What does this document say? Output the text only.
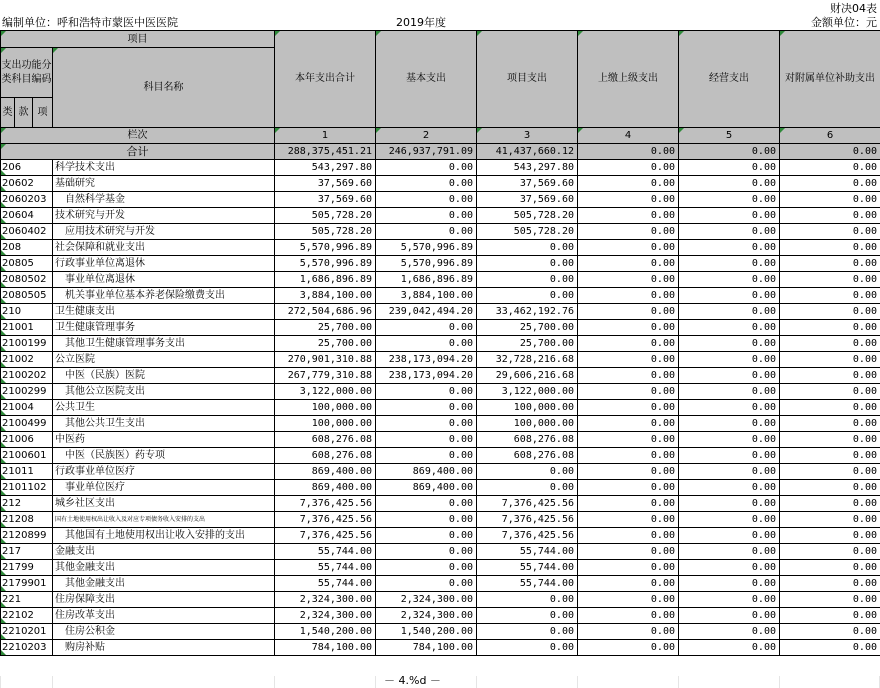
财决04表
编制单位：呼和浩特市蒙医中医医院	2019年度	金额单位：元
项目				本年支出合计	基本支出	项目支出	上缴上级支出	经营支出	对附属单位补助支出
支出功能分类科目编码			科目名称						
类	款	项							
栏次				1	2	3	4	5	6
合计				288,375,451.21	246,937,791.09	41,437,660.12	0.00	0.00	0.00
206			科学技术支出	543,297.80	0.00	543,297.80	0.00	0.00	0.00
20602			基础研究	37,569.60	0.00	37,569.60	0.00	0.00	0.00
2060203			自然科学基金	37,569.60	0.00	37,569.60	0.00	0.00	0.00
20604			技术研究与开发	505,728.20	0.00	505,728.20	0.00	0.00	0.00
2060402			应用技术研究与开发	505,728.20	0.00	505,728.20	0.00	0.00	0.00
208			社会保障和就业支出	5,570,996.89	5,570,996.89	0.00	0.00	0.00	0.00
20805			行政事业单位离退休	5,570,996.89	5,570,996.89	0.00	0.00	0.00	0.00
2080502			事业单位离退休	1,686,896.89	1,686,896.89	0.00	0.00	0.00	0.00
2080505			机关事业单位基本养老保险缴费支出	3,884,100.00	3,884,100.00	0.00	0.00	0.00	0.00
210			卫生健康支出	272,504,686.96	239,042,494.20	33,462,192.76	0.00	0.00	0.00
21001			卫生健康管理事务	25,700.00	0.00	25,700.00	0.00	0.00	0.00
2100199			其他卫生健康管理事务支出	25,700.00	0.00	25,700.00	0.00	0.00	0.00
21002			公立医院	270,901,310.88	238,173,094.20	32,728,216.68	0.00	0.00	0.00
2100202			中医（民族）医院	267,779,310.88	238,173,094.20	29,606,216.68	0.00	0.00	0.00
2100299			其他公立医院支出	3,122,000.00	0.00	3,122,000.00	0.00	0.00	0.00
21004			公共卫生	100,000.00	0.00	100,000.00	0.00	0.00	0.00
2100499			其他公共卫生支出	100,000.00	0.00	100,000.00	0.00	0.00	0.00
21006			中医药	608,276.08	0.00	608,276.08	0.00	0.00	0.00
2100601			中医（民族医）药专项	608,276.08	0.00	608,276.08	0.00	0.00	0.00
21011			行政事业单位医疗	869,400.00	869,400.00	0.00	0.00	0.00	0.00
2101102			事业单位医疗	869,400.00	869,400.00	0.00	0.00	0.00	0.00
212			城乡社区支出	7,376,425.56	0.00	7,376,425.56	0.00	0.00	0.00
21208			国有土地使用权出让收入及对应专项债务收入安排的支出	7,376,425.56	0.00	7,376,425.56	0.00	0.00	0.00
2120899			其他国有土地使用权出让收入安排的支出	7,376,425.56	0.00	7,376,425.56	0.00	0.00	0.00
217			金融支出	55,744.00	0.00	55,744.00	0.00	0.00	0.00
21799			其他金融支出	55,744.00	0.00	55,744.00	0.00	0.00	0.00
2179901			其他金融支出	55,744.00	0.00	55,744.00	0.00	0.00	0.00
221			住房保障支出	2,324,300.00	2,324,300.00	0.00	0.00	0.00	0.00
22102			住房改革支出	2,324,300.00	2,324,300.00	0.00	0.00	0.00	0.00
2210201			住房公积金	1,540,200.00	1,540,200.00	0.00	0.00	0.00	0.00
2210203			购房补贴	784,100.00	784,100.00	0.00	0.00	0.00	0.00
－ 4.%d －
